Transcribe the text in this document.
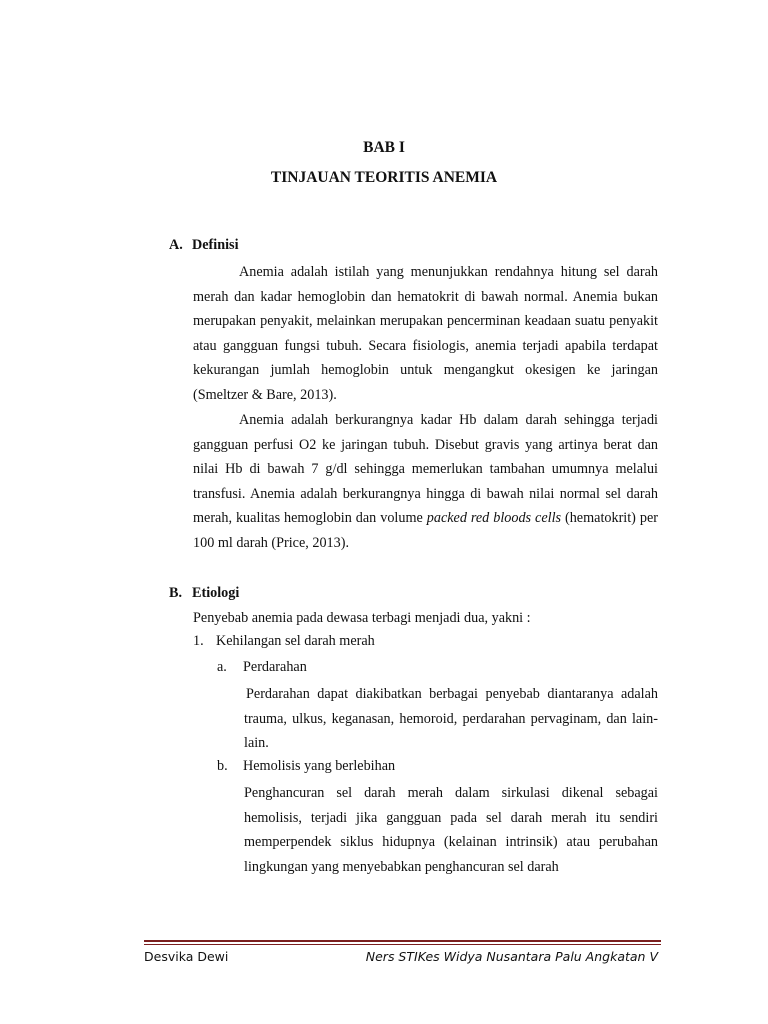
BAB I
TINJAUAN TEORITIS ANEMIA
A. Definisi

Anemia adalah istilah yang menunjukkan rendahnya hitung sel darah merah dan kadar hemoglobin dan hematokrit di bawah normal. Anemia bukan merupakan penyakit, melainkan merupakan pencerminan keadaan suatu penyakit atau gangguan fungsi tubuh. Secara fisiologis, anemia terjadi apabila terdapat kekurangan jumlah hemoglobin untuk mengangkut okesigen ke jaringan (Smeltzer & Bare, 2013).

Anemia adalah berkurangnya kadar Hb dalam darah sehingga terjadi gangguan perfusi O2 ke jaringan tubuh. Disebut gravis yang artinya berat dan nilai Hb di bawah 7 g/dl sehingga memerlukan tambahan umumnya melalui transfusi. Anemia adalah berkurangnya hingga di bawah nilai normal sel darah merah, kualitas hemoglobin dan volume packed red bloods cells (hematokrit) per 100 ml darah (Price, 2013).

B. Etiologi
Penyebab anemia pada dewasa terbagi menjadi dua, yakni :
1. Kehilangan sel darah merah
a. Perdarahan

Perdarahan dapat diakibatkan berbagai penyebab diantaranya adalah trauma, ulkus, keganasan, hemoroid, perdarahan pervaginam, dan lain-lain.

b. Hemolisis yang berlebihan

Penghancuran sel darah merah dalam sirkulasi dikenal sebagai hemolisis, terjadi jika gangguan pada sel darah merah itu sendiri memperpendek siklus hidupnya (kelainan intrinsik) atau perubahan lingkungan yang menyebabkan penghancuran sel darah

Desvika Dewi	Ners STIKes Widya Nusantara Palu Angkatan V
